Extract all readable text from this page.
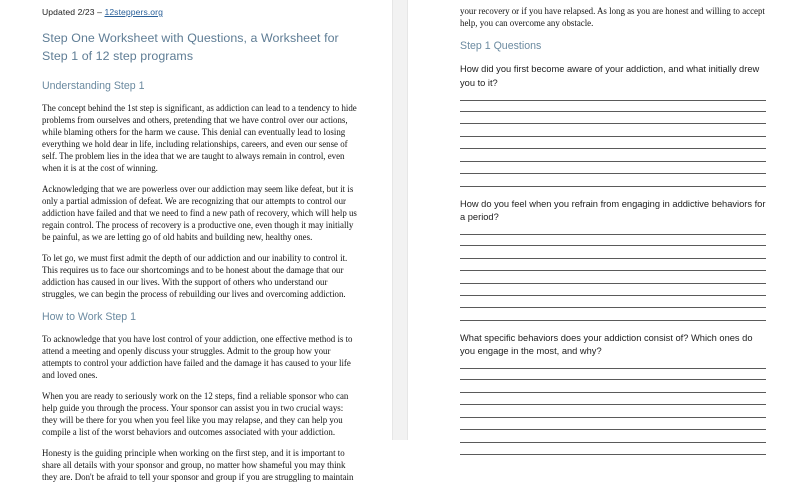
Updated 2/23 – 12steppers.org

Step One Worksheet with Questions, a Worksheet for Step 1 of 12 step programs
Understanding Step 1

The concept behind the 1st step is significant, as addiction can lead to a tendency to hide problems from ourselves and others, pretending that we have control over our actions, while blaming others for the harm we cause. This denial can eventually lead to losing everything we hold dear in life, including relationships, careers, and even our sense of self. The problem lies in the idea that we are taught to always remain in control, even when it is at the cost of winning.

Acknowledging that we are powerless over our addiction may seem like defeat, but it is only a partial admission of defeat. We are recognizing that our attempts to control our addiction have failed and that we need to find a new path of recovery, which will help us regain control. The process of recovery is a productive one, even though it may initially be painful, as we are letting go of old habits and building new, healthy ones.

To let go, we must first admit the depth of our addiction and our inability to control it. This requires us to face our shortcomings and to be honest about the damage that our addiction has caused in our lives. With the support of others who understand our struggles, we can begin the process of rebuilding our lives and overcoming addiction.

How to Work Step 1

To acknowledge that you have lost control of your addiction, one effective method is to attend a meeting and openly discuss your struggles. Admit to the group how your attempts to control your addiction have failed and the damage it has caused to your life and loved ones.

When you are ready to seriously work on the 12 steps, find a reliable sponsor who can help guide you through the process. Your sponsor can assist you in two crucial ways: they will be there for you when you feel like you may relapse, and they can help you compile a list of the worst behaviors and outcomes associated with your addiction.

Honesty is the guiding principle when working on the first step, and it is important to share all details with your sponsor and group, no matter how shameful you may think they are. Don't be afraid to tell your sponsor and group if you are struggling to maintain

your recovery or if you have relapsed. As long as you are honest and willing to accept help, you can overcome any obstacle.

Step 1 Questions

How did you first become aware of your addiction, and what initially drew you to it?

How do you feel when you refrain from engaging in addictive behaviors for a period?

What specific behaviors does your addiction consist of? Which ones do you engage in the most, and why?
